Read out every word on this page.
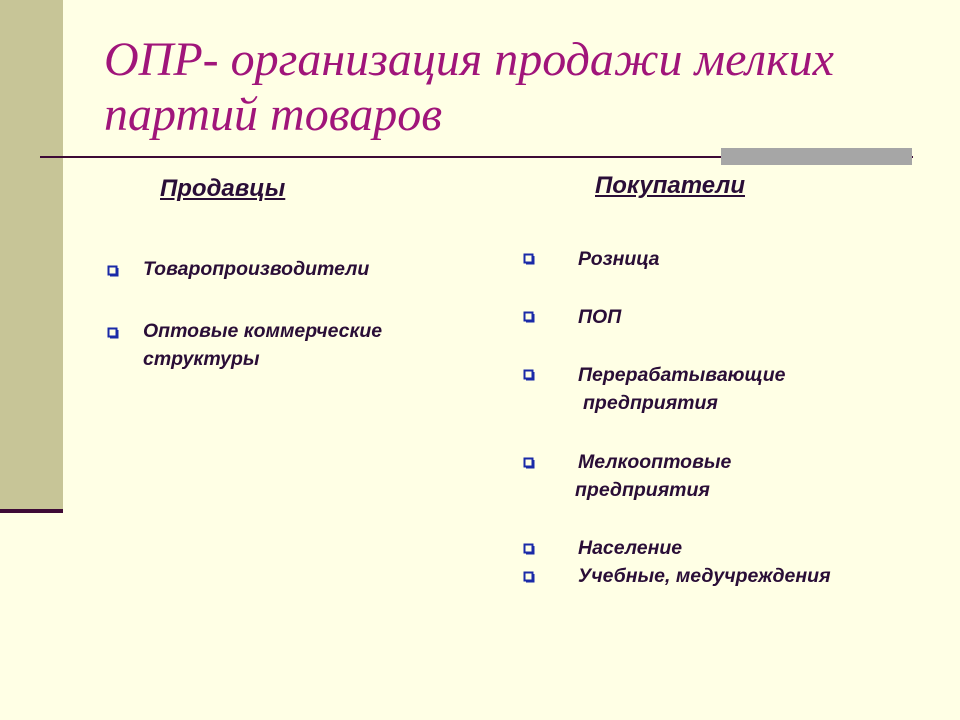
ОПР- организация продажи мелких
партий товаров
Продавцы
Товаропроизводители
Оптовые коммерческие
структуры
Покупатели
Розница
ПОП
Перерабатывающие
предприятия
Мелкооптовые
предприятия
Население
Учебные, медучреждения
